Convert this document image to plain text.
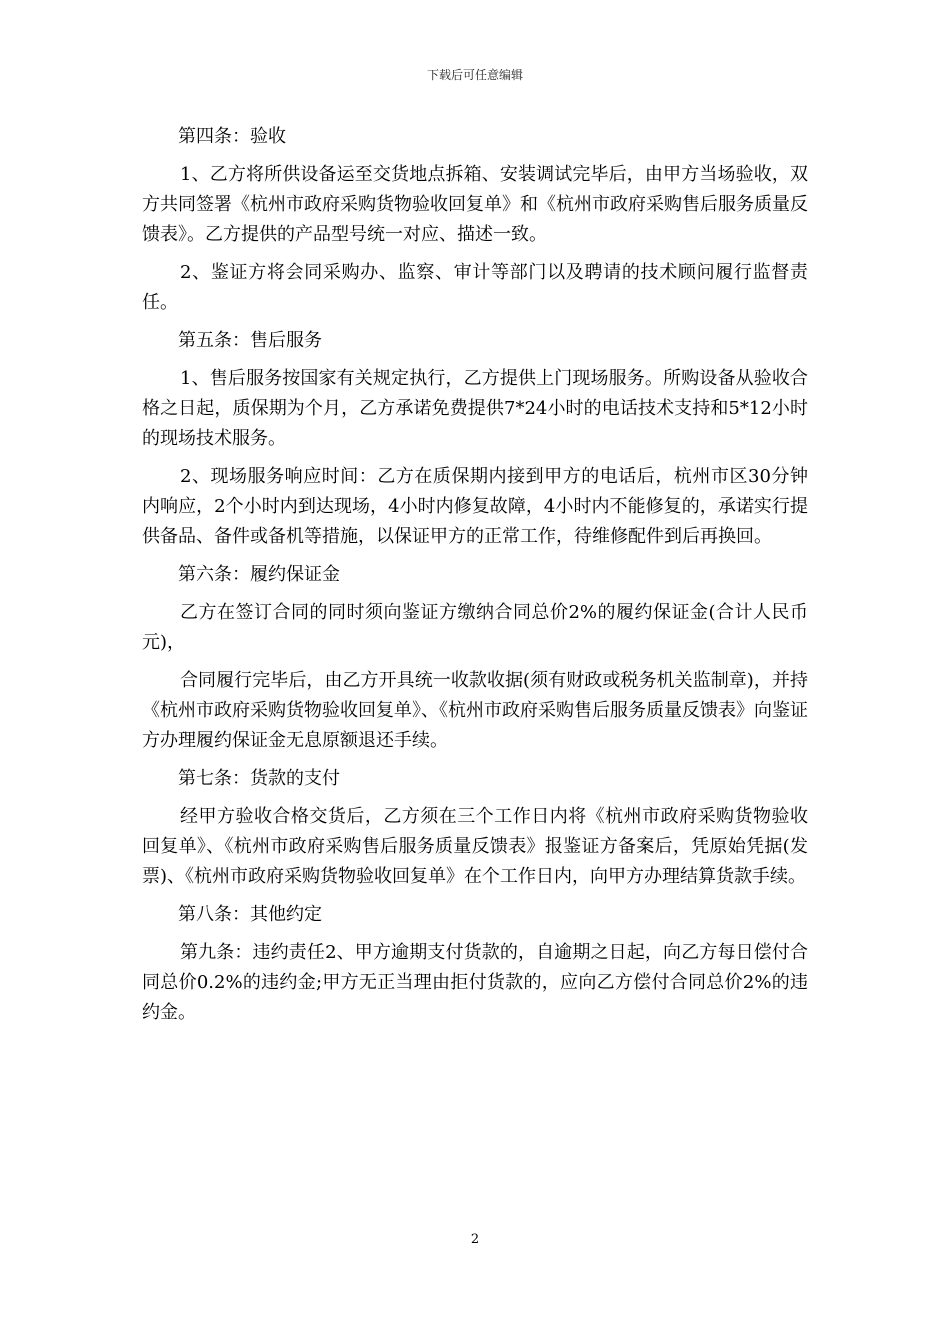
下载后可任意编辑

第四条：验收

1、乙方将所供设备运至交货地点拆箱、安装调试完毕后，由甲方当场验收，双方共同签署《杭州市政府采购货物验收回复单》和《杭州市政府采购售后服务质量反馈表》。乙方提供的产品型号统一对应、描述一致。

2、鉴证方将会同采购办、监察、审计等部门以及聘请的技术顾问履行监督责任。

第五条：售后服务

1、售后服务按国家有关规定执行，乙方提供上门现场服务。所购设备从验收合格之日起，质保期为个月，乙方承诺免费提供7*24小时的电话技术支持和5*12小时的现场技术服务。

2、现场服务响应时间：乙方在质保期内接到甲方的电话后，杭州市区30分钟内响应，2个小时内到达现场，4小时内修复故障，4小时内不能修复的，承诺实行提供备品、备件或备机等措施，以保证甲方的正常工作，待维修配件到后再换回。

第六条：履约保证金

乙方在签订合同的同时须向鉴证方缴纳合同总价2%的履约保证金(合计人民币元)，

合同履行完毕后，由乙方开具统一收款收据(须有财政或税务机关监制章)，并持《杭州市政府采购货物验收回复单》、《杭州市政府采购售后服务质量反馈表》向鉴证方办理履约保证金无息原额退还手续。

第七条：货款的支付

经甲方验收合格交货后，乙方须在三个工作日内将《杭州市政府采购货物验收回复单》、《杭州市政府采购售后服务质量反馈表》报鉴证方备案后，凭原始凭据(发票)、《杭州市政府采购货物验收回复单》在个工作日内，向甲方办理结算货款手续。

第八条：其他约定

第九条：违约责任2、甲方逾期支付货款的，自逾期之日起，向乙方每日偿付合同总价0.2%的违约金;甲方无正当理由拒付货款的，应向乙方偿付合同总价2%的违约金。

2
